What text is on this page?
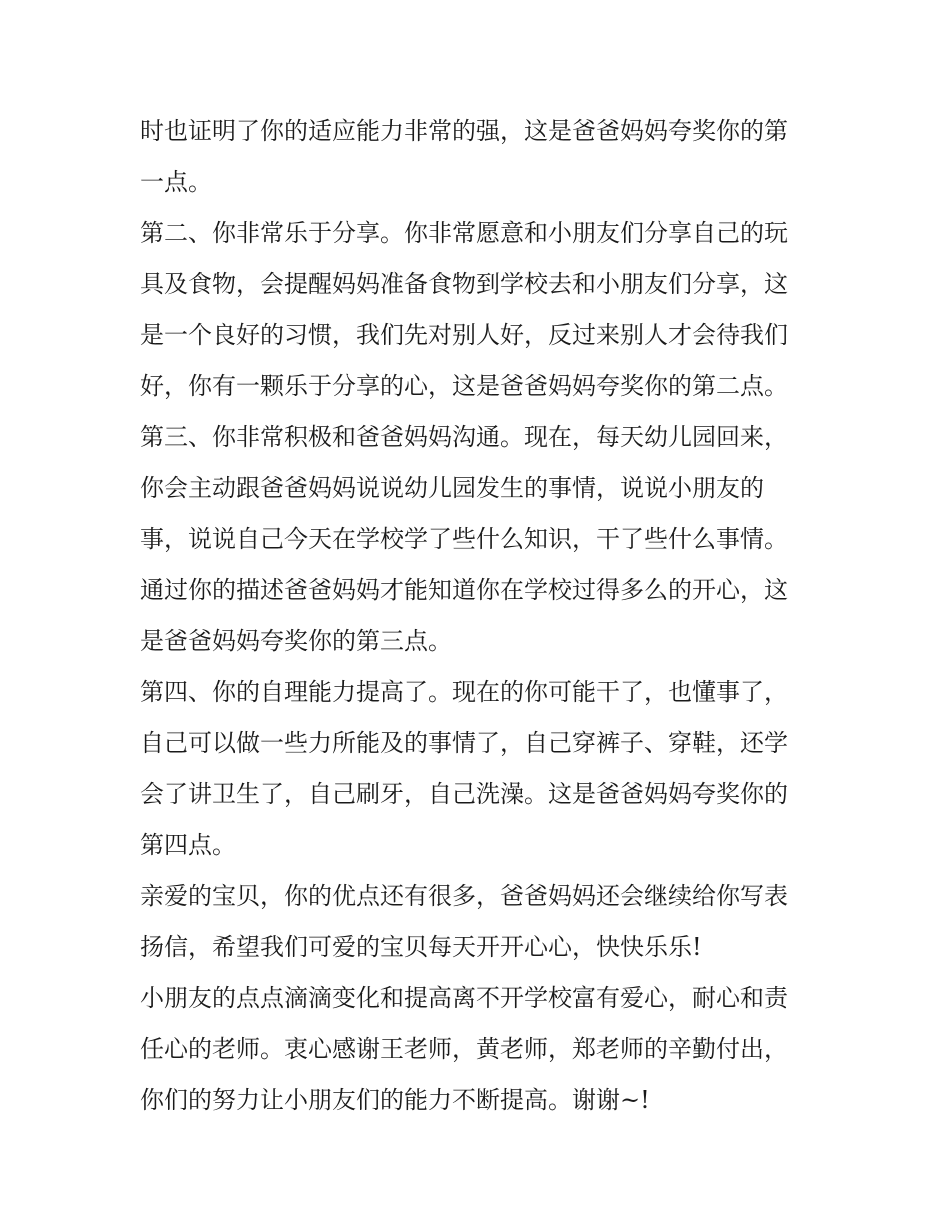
时也证明了你的适应能力非常的强，这是爸爸妈妈夸奖你的第
一点。
第二、你非常乐于分享。你非常愿意和小朋友们分享自己的玩
具及食物，会提醒妈妈准备食物到学校去和小朋友们分享，这
是一个良好的习惯，我们先对别人好，反过来别人才会待我们
好，你有一颗乐于分享的心，这是爸爸妈妈夸奖你的第二点。
第三、你非常积极和爸爸妈妈沟通。现在，每天幼儿园回来，
你会主动跟爸爸妈妈说说幼儿园发生的事情，说说小朋友的
事，说说自己今天在学校学了些什么知识，干了些什么事情。
通过你的描述爸爸妈妈才能知道你在学校过得多么的开心，这
是爸爸妈妈夸奖你的第三点。
第四、你的自理能力提高了。现在的你可能干了，也懂事了，
自己可以做一些力所能及的事情了，自己穿裤子、穿鞋，还学
会了讲卫生了，自己刷牙，自己洗澡。这是爸爸妈妈夸奖你的
第四点。
亲爱的宝贝，你的优点还有很多，爸爸妈妈还会继续给你写表
扬信，希望我们可爱的宝贝每天开开心心，快快乐乐!
小朋友的点点滴滴变化和提高离不开学校富有爱心，耐心和责
任心的老师。衷心感谢王老师，黄老师，郑老师的辛勤付出，
你们的努力让小朋友们的能力不断提高。谢谢~!
